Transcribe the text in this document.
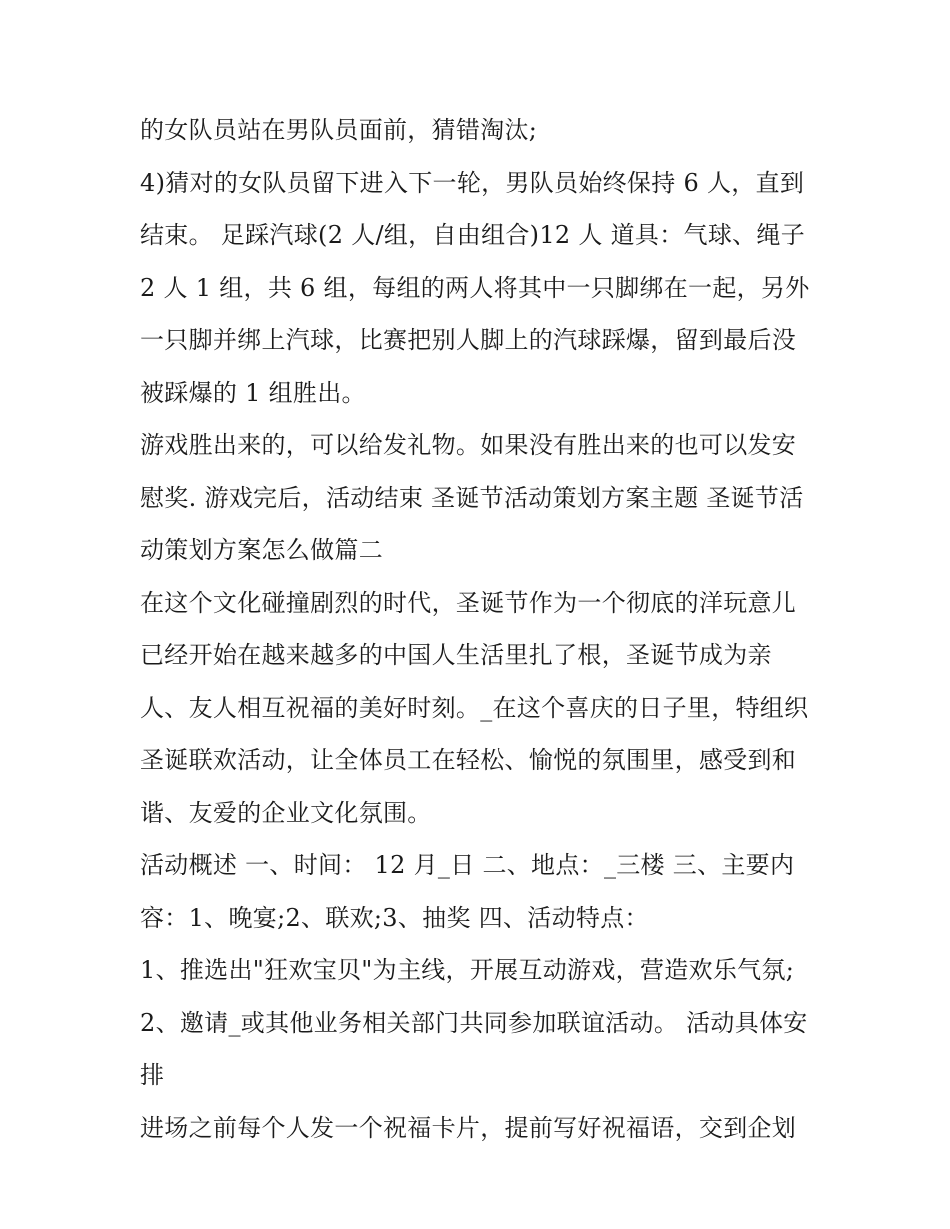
的女队员站在男队员面前，猜错淘汰;

4)猜对的女队员留下进入下一轮，男队员始终保持 6 人，直到结束。 足踩汽球(2 人/组，自由组合)12 人 道具：气球、绳子 2 人 1 组，共 6 组，每组的两人将其中一只脚绑在一起，另外一只脚并绑上汽球，比赛把别人脚上的汽球踩爆，留到最后没被踩爆的 1 组胜出。

游戏胜出来的，可以给发礼物。如果没有胜出来的也可以发安慰奖. 游戏完后，活动结束 圣诞节活动策划方案主题 圣诞节活动策划方案怎么做篇二

在这个文化碰撞剧烈的时代，圣诞节作为一个彻底的洋玩意儿已经开始在越来越多的中国人生活里扎了根，圣诞节成为亲人、友人相互祝福的美好时刻。_在这个喜庆的日子里，特组织圣诞联欢活动，让全体员工在轻松、愉悦的氛围里，感受到和谐、友爱的企业文化氛围。

活动概述 一、时间： 12 月_日 二、地点：_三楼 三、主要内容：1、晚宴;2、联欢;3、抽奖 四、活动特点：

1、推选出"狂欢宝贝"为主线，开展互动游戏，营造欢乐气氛;

2、邀请_或其他业务相关部门共同参加联谊活动。 活动具体安排

进场之前每个人发一个祝福卡片，提前写好祝福语，交到企划
